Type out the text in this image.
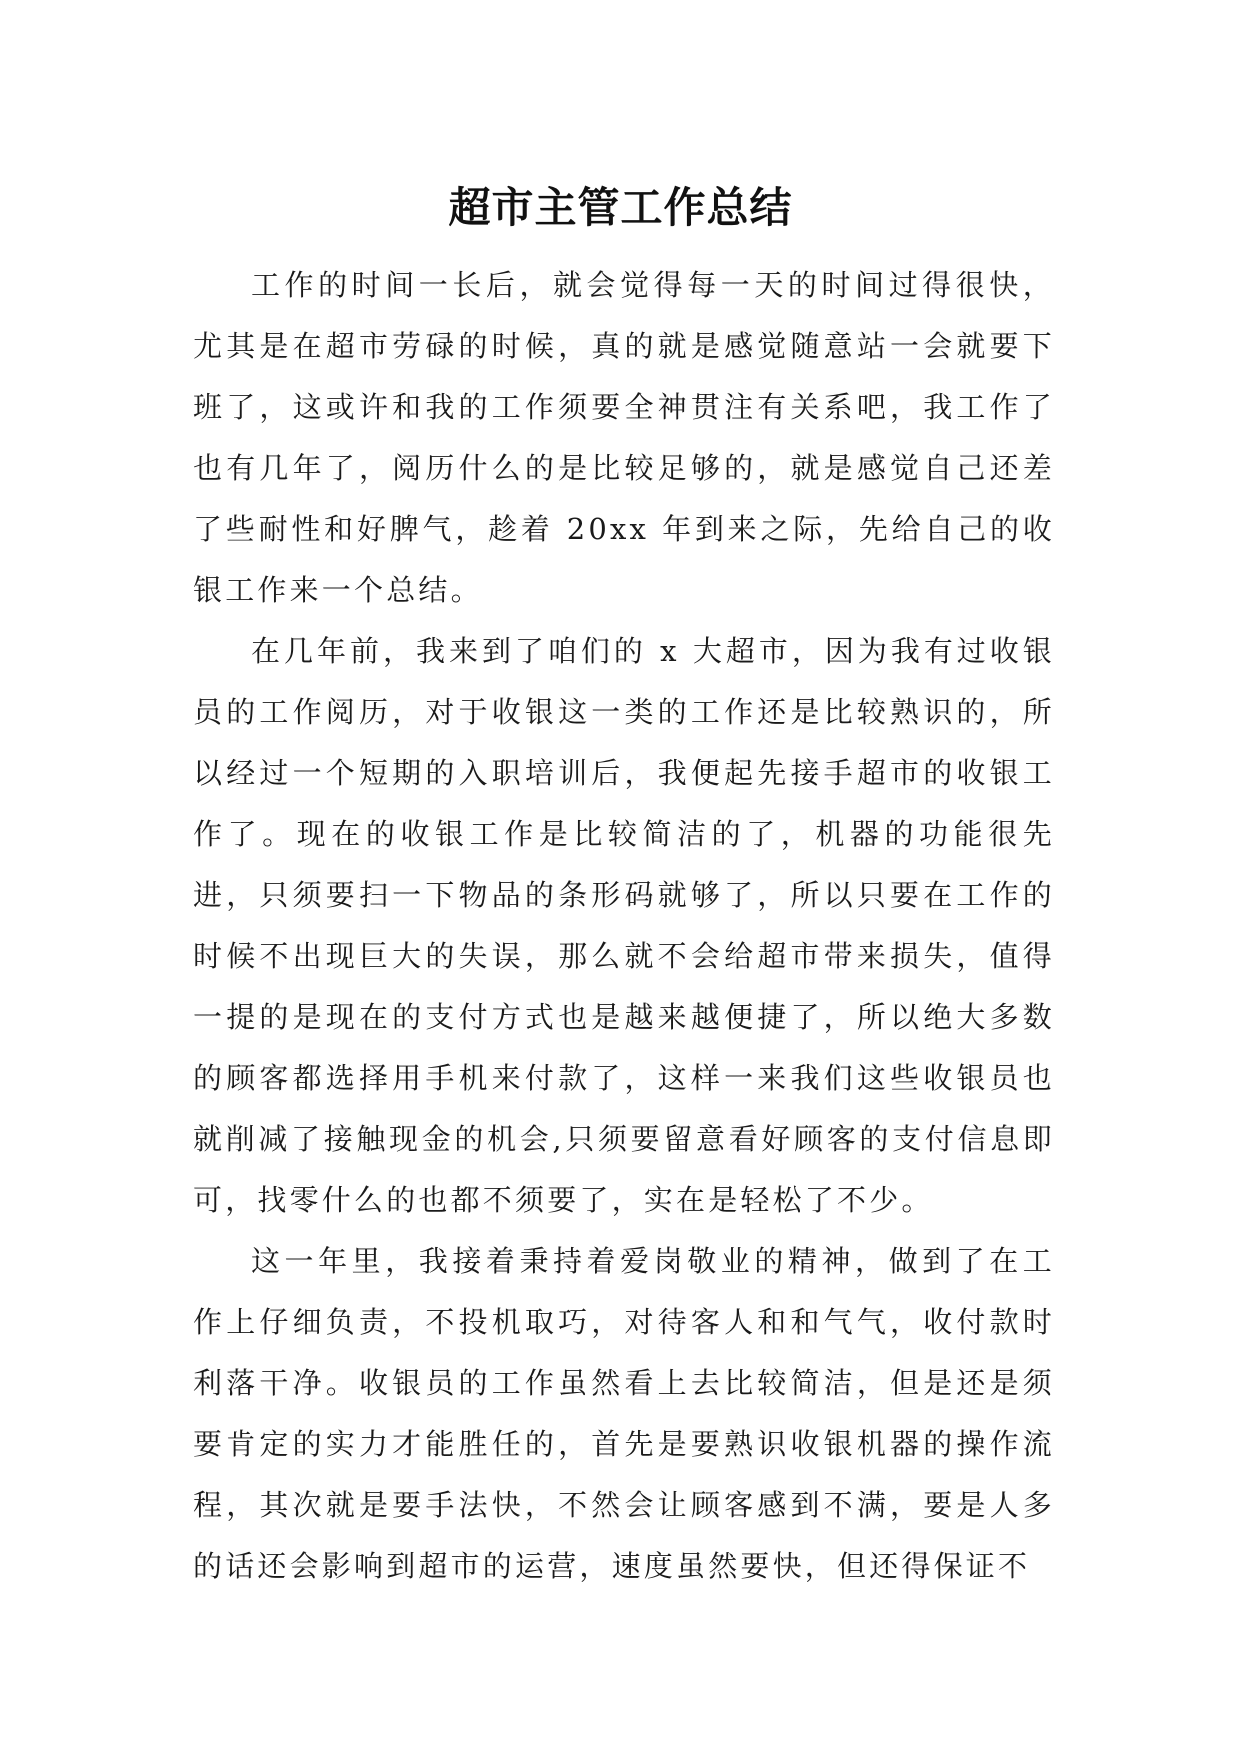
超市主管工作总结

工作的时间一长后，就会觉得每一天的时间过得很快，尤其是在超市劳碌的时候，真的就是感觉随意站一会就要下班了，这或许和我的工作须要全神贯注有关系吧，我工作了也有几年了，阅历什么的是比较足够的，就是感觉自己还差了些耐性和好脾气，趁着 20xx 年到来之际，先给自己的收银工作来一个总结。

在几年前，我来到了咱们的 x 大超市，因为我有过收银员的工作阅历，对于收银这一类的工作还是比较熟识的，所以经过一个短期的入职培训后，我便起先接手超市的收银工作了。现在的收银工作是比较简洁的了，机器的功能很先进，只须要扫一下物品的条形码就够了，所以只要在工作的时候不出现巨大的失误，那么就不会给超市带来损失，值得一提的是现在的支付方式也是越来越便捷了，所以绝大多数的顾客都选择用手机来付款了，这样一来我们这些收银员也就削减了接触现金的机会,只须要留意看好顾客的支付信息即可，找零什么的也都不须要了，实在是轻松了不少。

这一年里，我接着秉持着爱岗敬业的精神，做到了在工作上仔细负责，不投机取巧，对待客人和和气气，收付款时利落干净。收银员的工作虽然看上去比较简洁，但是还是须要肯定的实力才能胜任的，首先是要熟识收银机器的操作流程，其次就是要手法快，不然会让顾客感到不满，要是人多的话还会影响到超市的运营，速度虽然要快，但还得保证不
